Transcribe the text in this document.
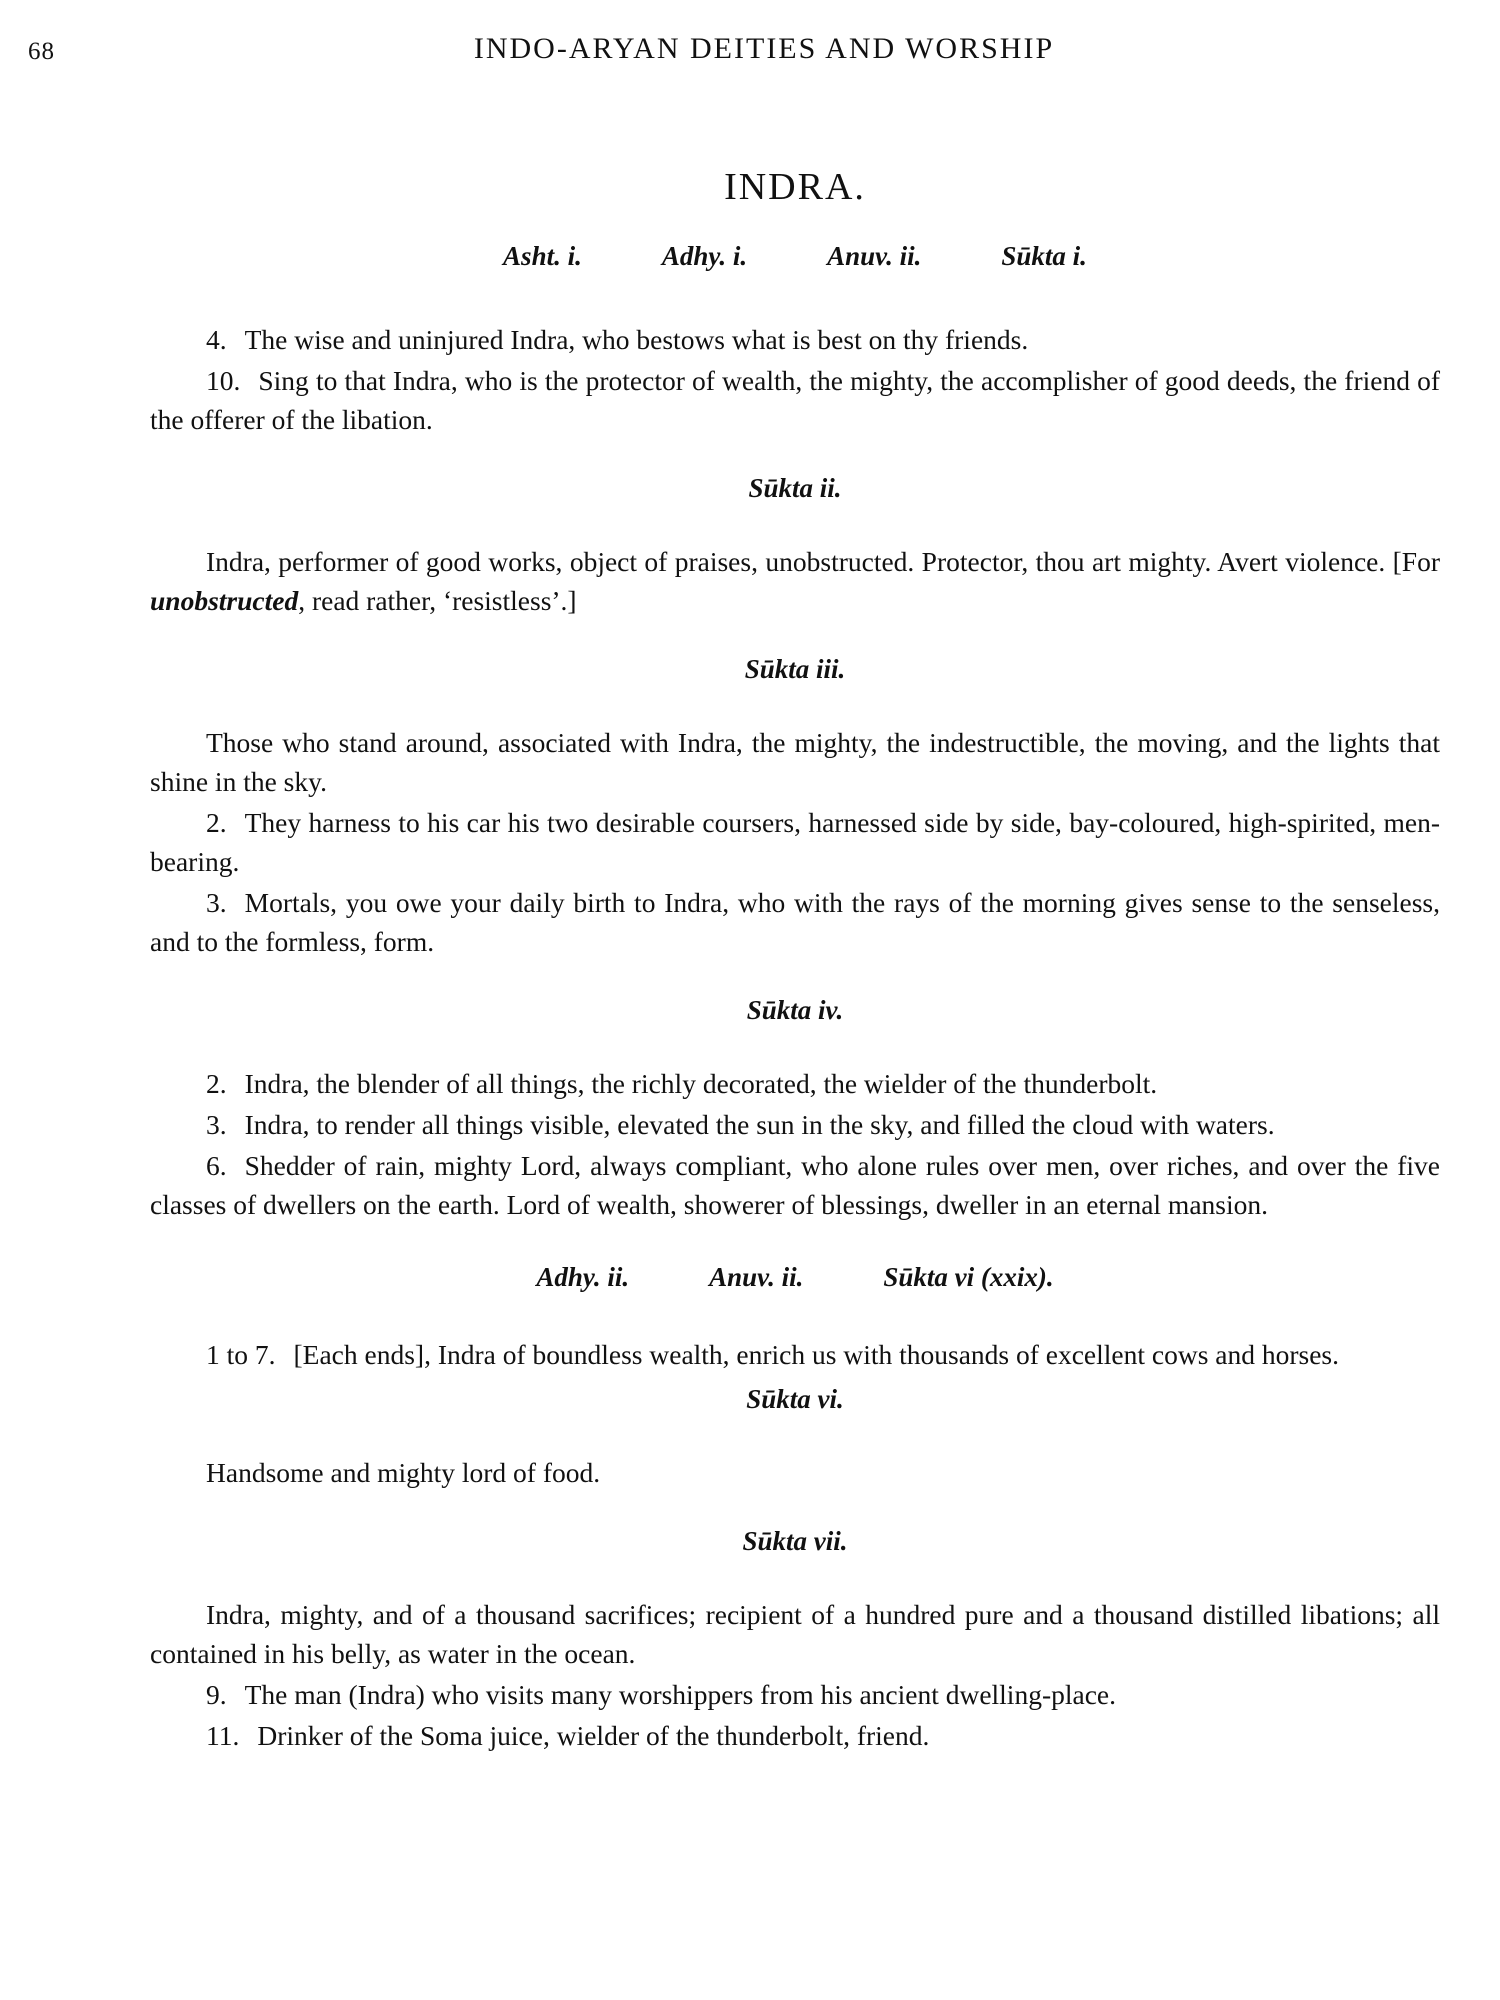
68	INDO-ARYAN DEITIES AND WORSHIP
INDRA.
Asht. i.	Adhy. i.	Anuv. ii.	Sūkta i.

4. The wise and uninjured Indra, who bestows what is best on thy friends.

10. Sing to that Indra, who is the protector of wealth, the mighty, the accomplisher of good deeds, the friend of the offerer of the libation.

Sūkta ii.

Indra, performer of good works, object of praises, unobstructed. Protector, thou art mighty. Avert violence. [For unobstructed, read rather, ‘resistless’.]

Sūkta iii.

Those who stand around, associated with Indra, the mighty, the indestructible, the moving, and the lights that shine in the sky.

2. They harness to his car his two desirable coursers, harnessed side by side, bay-coloured, high-spirited, men-bearing.

3. Mortals, you owe your daily birth to Indra, who with the rays of the morning gives sense to the senseless, and to the formless, form.

Sūkta iv.

2. Indra, the blender of all things, the richly decorated, the wielder of the thunderbolt.

3. Indra, to render all things visible, elevated the sun in the sky, and filled the cloud with waters.

6. Shedder of rain, mighty Lord, always compliant, who alone rules over men, over riches, and over the five classes of dwellers on the earth. Lord of wealth, showerer of blessings, dweller in an eternal mansion.

Adhy. ii.	Anuv. ii.	Sūkta vi (xxix).

1 to 7. [Each ends], Indra of boundless wealth, enrich us with thousands of excellent cows and horses.

Sūkta vi.

Handsome and mighty lord of food.

Sūkta vii.

Indra, mighty, and of a thousand sacrifices; recipient of a hundred pure and a thousand distilled libations; all contained in his belly, as water in the ocean.

9. The man (Indra) who visits many worshippers from his ancient dwelling-place.

11. Drinker of the Soma juice, wielder of the thunderbolt, friend.
